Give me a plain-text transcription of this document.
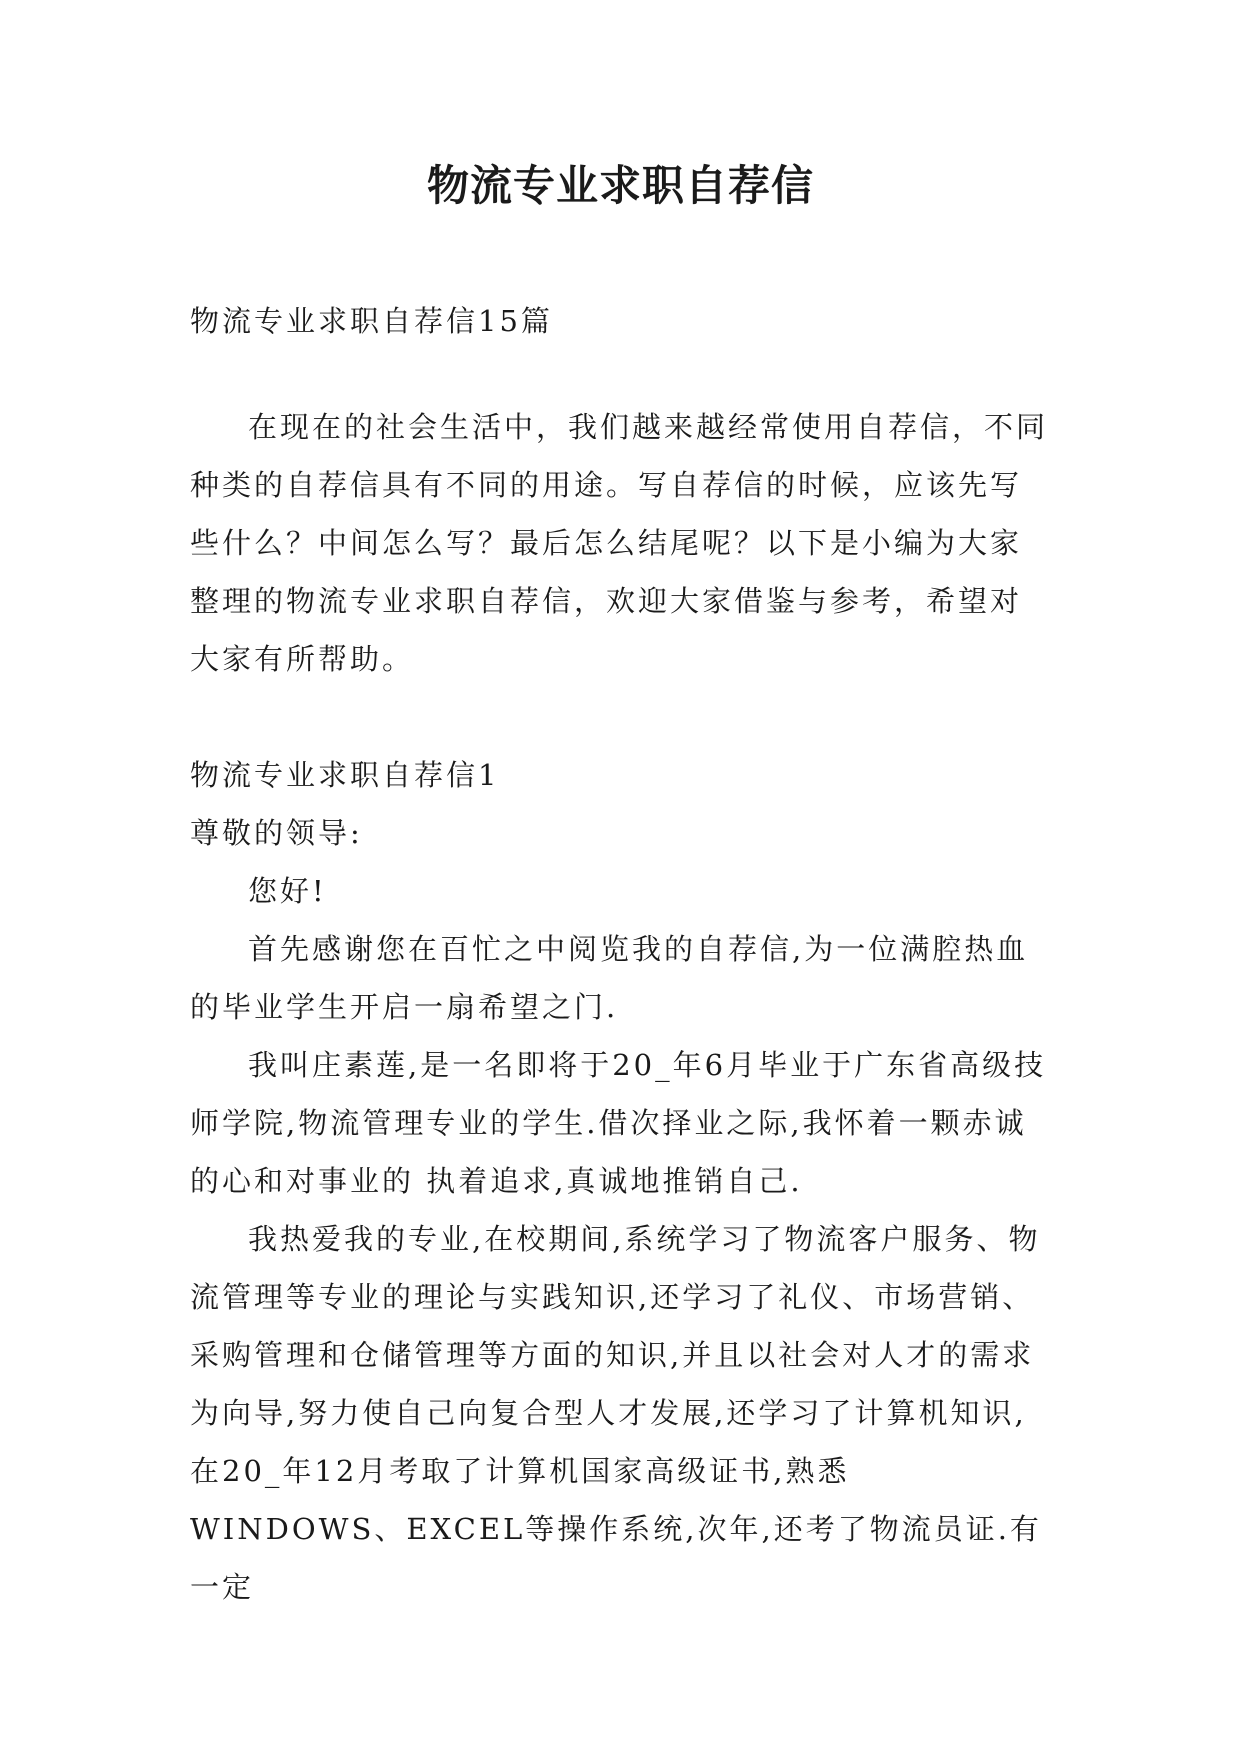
物流专业求职自荐信

物流专业求职自荐信15篇

在现在的社会生活中，我们越来越经常使用自荐信，不同种类的自荐信具有不同的用途。写自荐信的时候，应该先写些什么？中间怎么写？最后怎么结尾呢？以下是小编为大家整理的物流专业求职自荐信，欢迎大家借鉴与参考，希望对大家有所帮助。

物流专业求职自荐信1

尊敬的领导:

您好!

首先感谢您在百忙之中阅览我的自荐信,为一位满腔热血的毕业学生开启一扇希望之门.

我叫庄素莲,是一名即将于20_年6月毕业于广东省高级技师学院,物流管理专业的学生.借次择业之际,我怀着一颗赤诚的心和对事业的 执着追求,真诚地推销自己.

我热爱我的专业,在校期间,系统学习了物流客户服务、物流管理等专业的理论与实践知识,还学习了礼仪、市场营销、采购管理和仓储管理等方面的知识,并且以社会对人才的需求为向导,努力使自己向复合型人才发展,还学习了计算机知识,在20_年12月考取了计算机国家高级证书,熟悉WINDOWS、EXCEL等操作系统,次年,还考了物流员证.有一定
